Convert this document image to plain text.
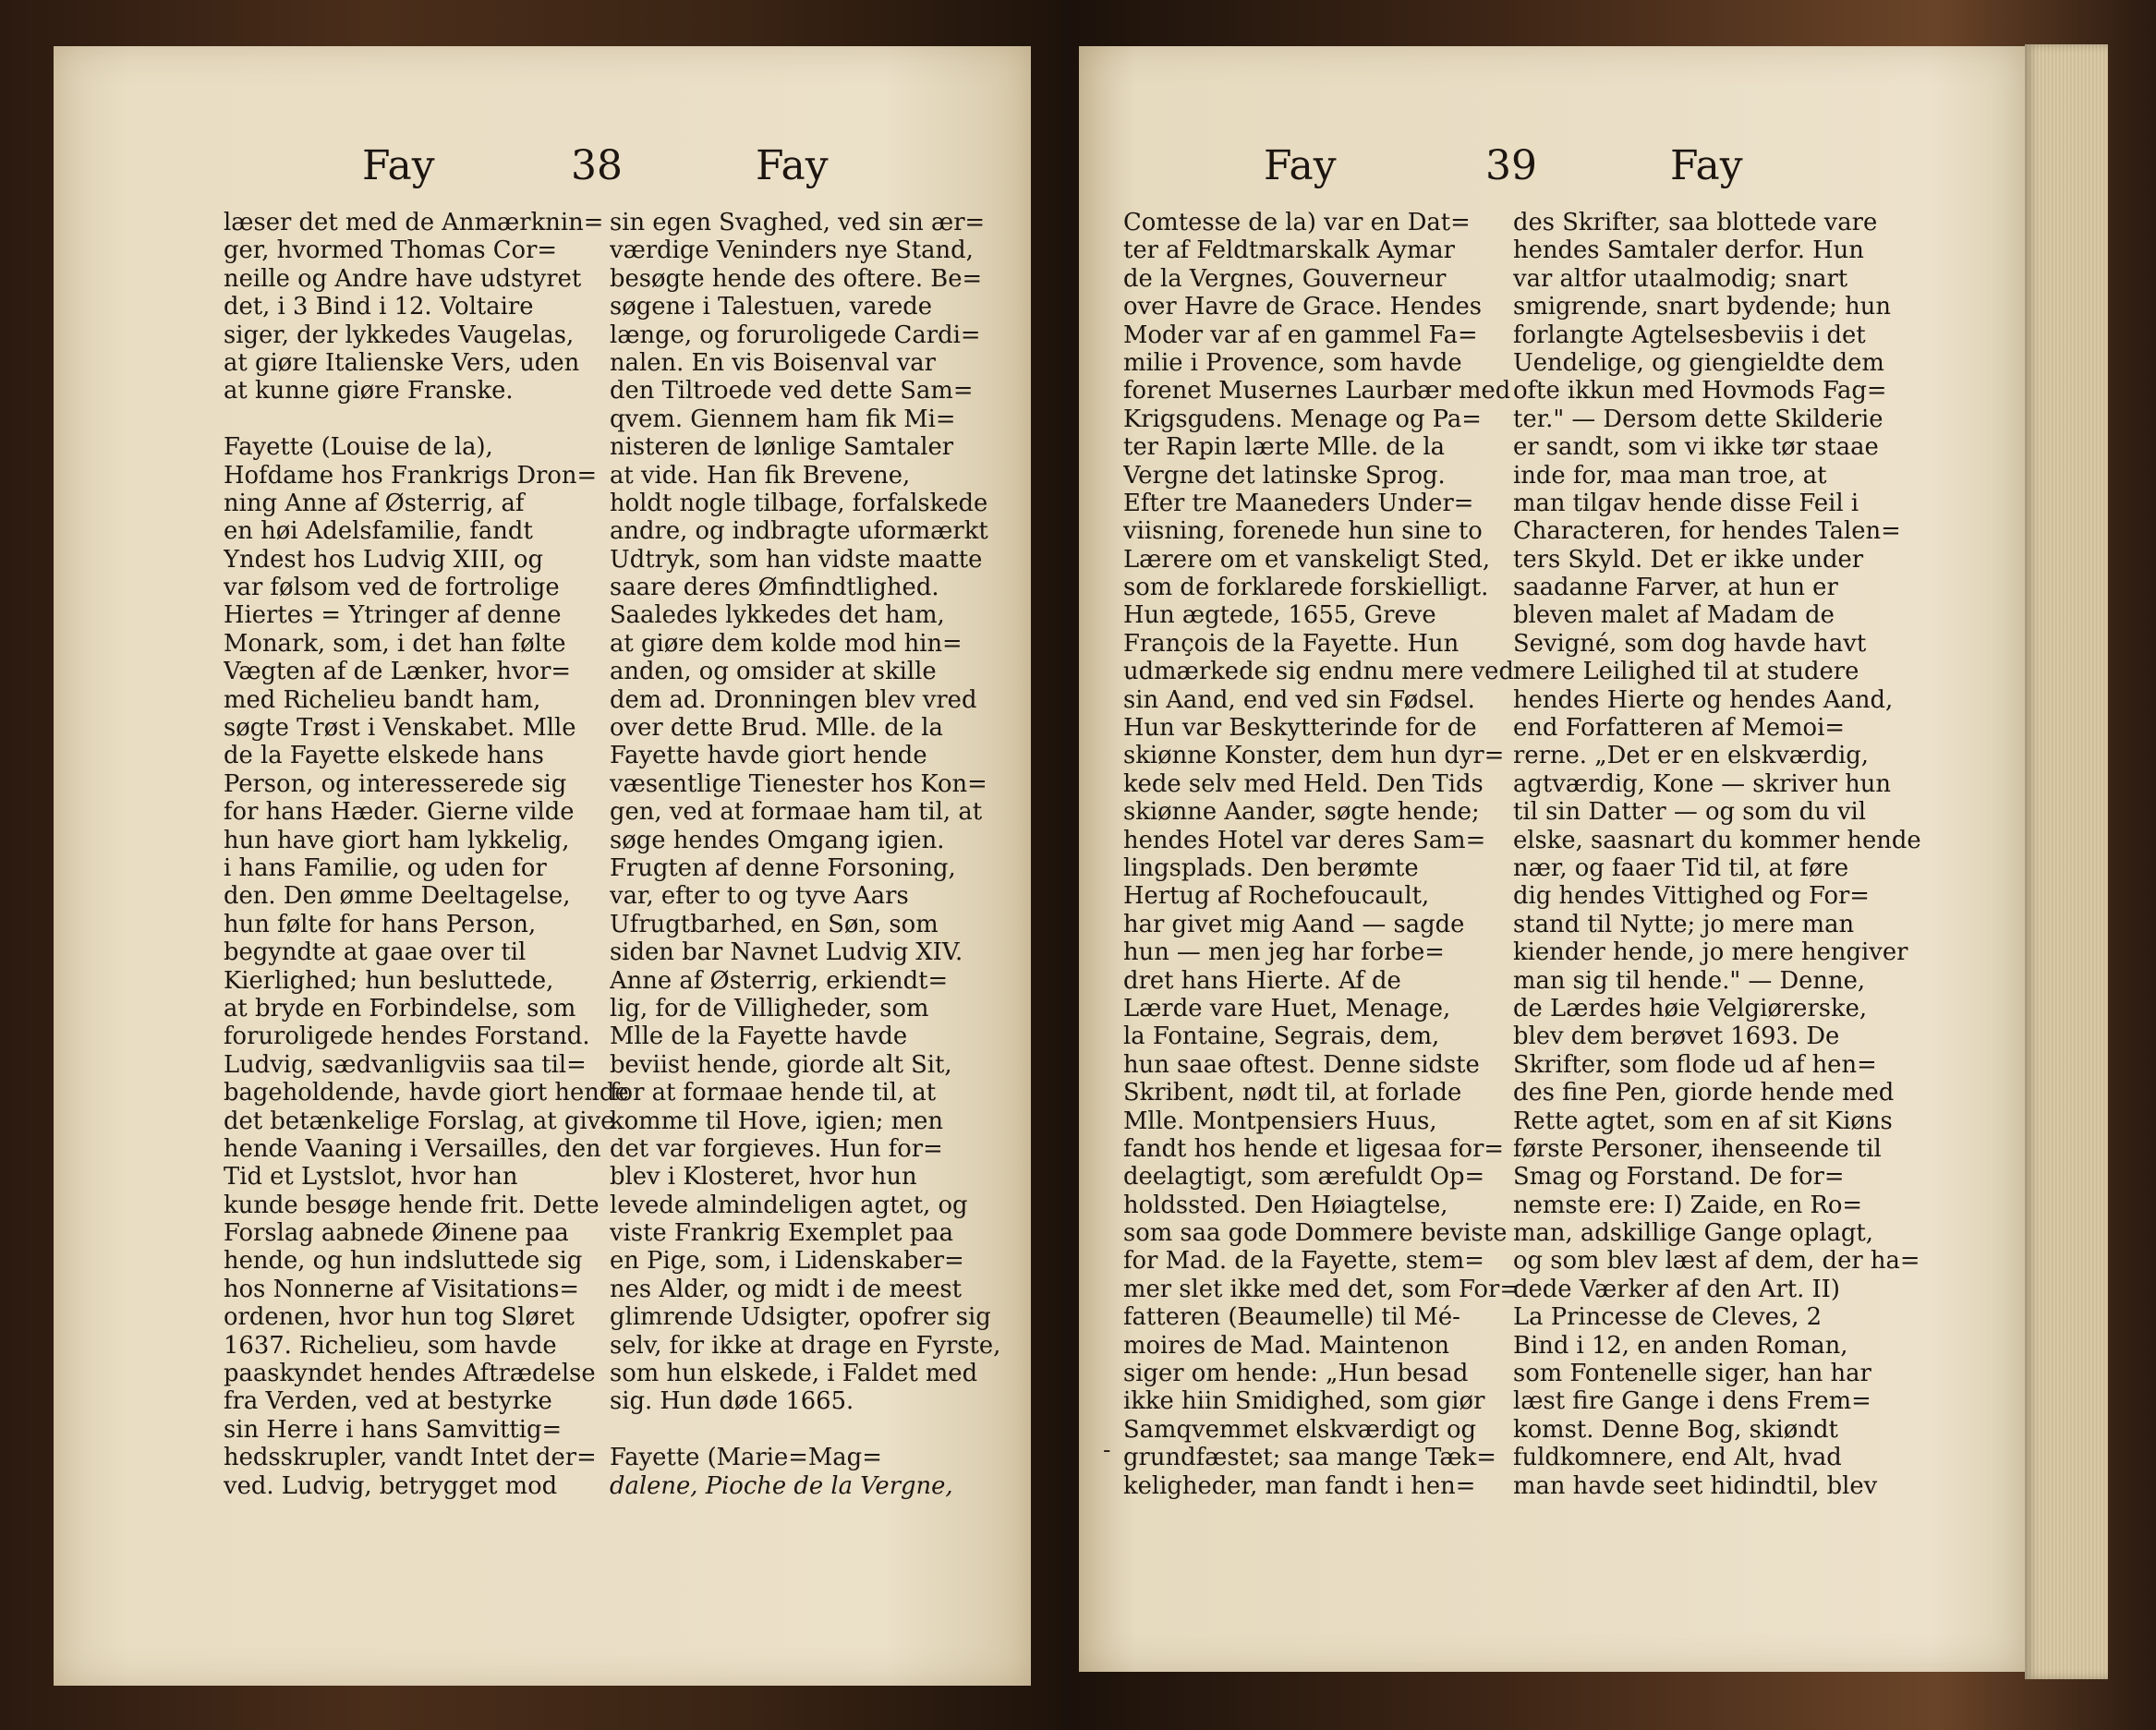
Fay	38	Fay
læser det med de Anmærknin=
ger, hvormed Thomas Cor=
neille og Andre have udstyret
det, i 3 Bind i 12. Voltaire
siger, der lykkedes Vaugelas,
at giøre Italienske Vers, uden
at kunne giøre Franske.
Fayette (Louise de la),
Hofdame hos Frankrigs Dron=
ning Anne af Østerrig, af
en høi Adelsfamilie, fandt
Yndest hos Ludvig XIII, og
var følsom ved de fortrolige
Hiertes = Ytringer af denne
Monark, som, i det han følte
Vægten af de Lænker, hvor=
med Richelieu bandt ham,
søgte Trøst i Venskabet. Mlle
de la Fayette elskede hans
Person, og interesserede sig
for hans Hæder. Gierne vilde
hun have giort ham lykkelig,
i hans Familie, og uden for
den. Den ømme Deeltagelse,
hun følte for hans Person,
begyndte at gaae over til
Kierlighed; hun besluttede,
at bryde en Forbindelse, som
foruroligede hendes Forstand.
Ludvig, sædvanligviis saa til=
bageholdende, havde giort hende
det betænkelige Forslag, at give
hende Vaaning i Versailles, den
Tid et Lystslot, hvor han
kunde besøge hende frit. Dette
Forslag aabnede Øinene paa
hende, og hun indsluttede sig
hos Nonnerne af Visitations=
ordenen, hvor hun tog Sløret
1637. Richelieu, som havde
paaskyndet hendes Aftrædelse
fra Verden, ved at bestyrke
sin Herre i hans Samvittig=
hedsskrupler, vandt Intet der=
ved. Ludvig, betrygget mod
sin egen Svaghed, ved sin ær=
værdige Veninders nye Stand,
besøgte hende des oftere. Be=
søgene i Talestuen, varede
længe, og foruroligede Cardi=
nalen. En vis Boisenval var
den Tiltroede ved dette Sam=
qvem. Giennem ham fik Mi=
nisteren de lønlige Samtaler
at vide. Han fik Brevene,
holdt nogle tilbage, forfalskede
andre, og indbragte uformærkt
Udtryk, som han vidste maatte
saare deres Ømfindtlighed.
Saaledes lykkedes det ham,
at giøre dem kolde mod hin=
anden, og omsider at skille
dem ad. Dronningen blev vred
over dette Brud. Mlle. de la
Fayette havde giort hende
væsentlige Tienester hos Kon=
gen, ved at formaae ham til, at
søge hendes Omgang igien.
Frugten af denne Forsoning,
var, efter to og tyve Aars
Ufrugtbarhed, en Søn, som
siden bar Navnet Ludvig XIV.
Anne af Østerrig, erkiendt=
lig, for de Villigheder, som
Mlle de la Fayette havde
beviist hende, giorde alt Sit,
for at formaae hende til, at
komme til Hove, igien; men
det var forgieves. Hun for=
blev i Klosteret, hvor hun
levede almindeligen agtet, og
viste Frankrig Exemplet paa
en Pige, som, i Lidenskaber=
nes Alder, og midt i de meest
glimrende Udsigter, opofrer sig
selv, for ikke at drage en Fyrste,
som hun elskede, i Faldet med
sig. Hun døde 1665.
Fayette (Marie=Mag=
dalene, Pioche de la Vergne,
Fay	39	Fay
Comtesse de la) var en Dat=
ter af Feldtmarskalk Aymar
de la Vergnes, Gouverneur
over Havre de Grace. Hendes
Moder var af en gammel Fa=
milie i Provence, som havde
forenet Musernes Laurbær med
Krigsgudens. Menage og Pa=
ter Rapin lærte Mlle. de la
Vergne det latinske Sprog.
Efter tre Maaneders Under=
viisning, forenede hun sine to
Lærere om et vanskeligt Sted,
som de forklarede forskielligt.
Hun ægtede, 1655, Greve
François de la Fayette. Hun
udmærkede sig endnu mere ved
sin Aand, end ved sin Fødsel.
Hun var Beskytterinde for de
skiønne Konster, dem hun dyr=
kede selv med Held. Den Tids
skiønne Aander, søgte hende;
hendes Hotel var deres Sam=
lingsplads. Den berømte
Hertug af Rochefoucault,
har givet mig Aand — sagde
hun — men jeg har forbe=
dret hans Hierte. Af de
Lærde vare Huet, Menage,
la Fontaine, Segrais, dem,
hun saae oftest. Denne sidste
Skribent, nødt til, at forlade
Mlle. Montpensiers Huus,
fandt hos hende et ligesaa for=
deelagtigt, som ærefuldt Op=
holdssted. Den Høiagtelse,
som saa gode Dommere beviste
for Mad. de la Fayette, stem=
mer slet ikke med det, som For=
fatteren (Beaumelle) til Mé-
moires de Mad. Maintenon
siger om hende: „Hun besad
ikke hiin Smidighed, som giør
Samqvemmet elskværdigt og
grundfæstet; saa mange Tæk=
keligheder, man fandt i hen=
des Skrifter, saa blottede vare
hendes Samtaler derfor. Hun
var altfor utaalmodig; snart
smigrende, snart bydende; hun
forlangte Agtelsesbeviis i det
Uendelige, og giengieldte dem
ofte ikkun med Hovmods Fag=
ter." — Dersom dette Skilderie
er sandt, som vi ikke tør staae
inde for, maa man troe, at
man tilgav hende disse Feil i
Characteren, for hendes Talen=
ters Skyld. Det er ikke under
saadanne Farver, at hun er
bleven malet af Madam de
Sevigné, som dog havde havt
mere Leilighed til at studere
hendes Hierte og hendes Aand,
end Forfatteren af Memoi=
rerne. „Det er en elskværdig,
agtværdig, Kone — skriver hun
til sin Datter — og som du vil
elske, saasnart du kommer hende
nær, og faaer Tid til, at føre
dig hendes Vittighed og For=
stand til Nytte; jo mere man
kiender hende, jo mere hengiver
man sig til hende." — Denne,
de Lærdes høie Velgiørerske,
blev dem berøvet 1693. De
Skrifter, som flode ud af hen=
des fine Pen, giorde hende med
Rette agtet, som en af sit Kiøns
første Personer, ihenseende til
Smag og Forstand. De for=
nemste ere: I) Zaide, en Ro=
man, adskillige Gange oplagt,
og som blev læst af dem, der ha=
dede Værker af den Art. II)
La Princesse de Cleves, 2
Bind i 12, en anden Roman,
som Fontenelle siger, han har
læst fire Gange i dens Frem=
komst. Denne Bog, skiøndt
fuldkomnere, end Alt, hvad
man havde seet hidindtil, blev
-
